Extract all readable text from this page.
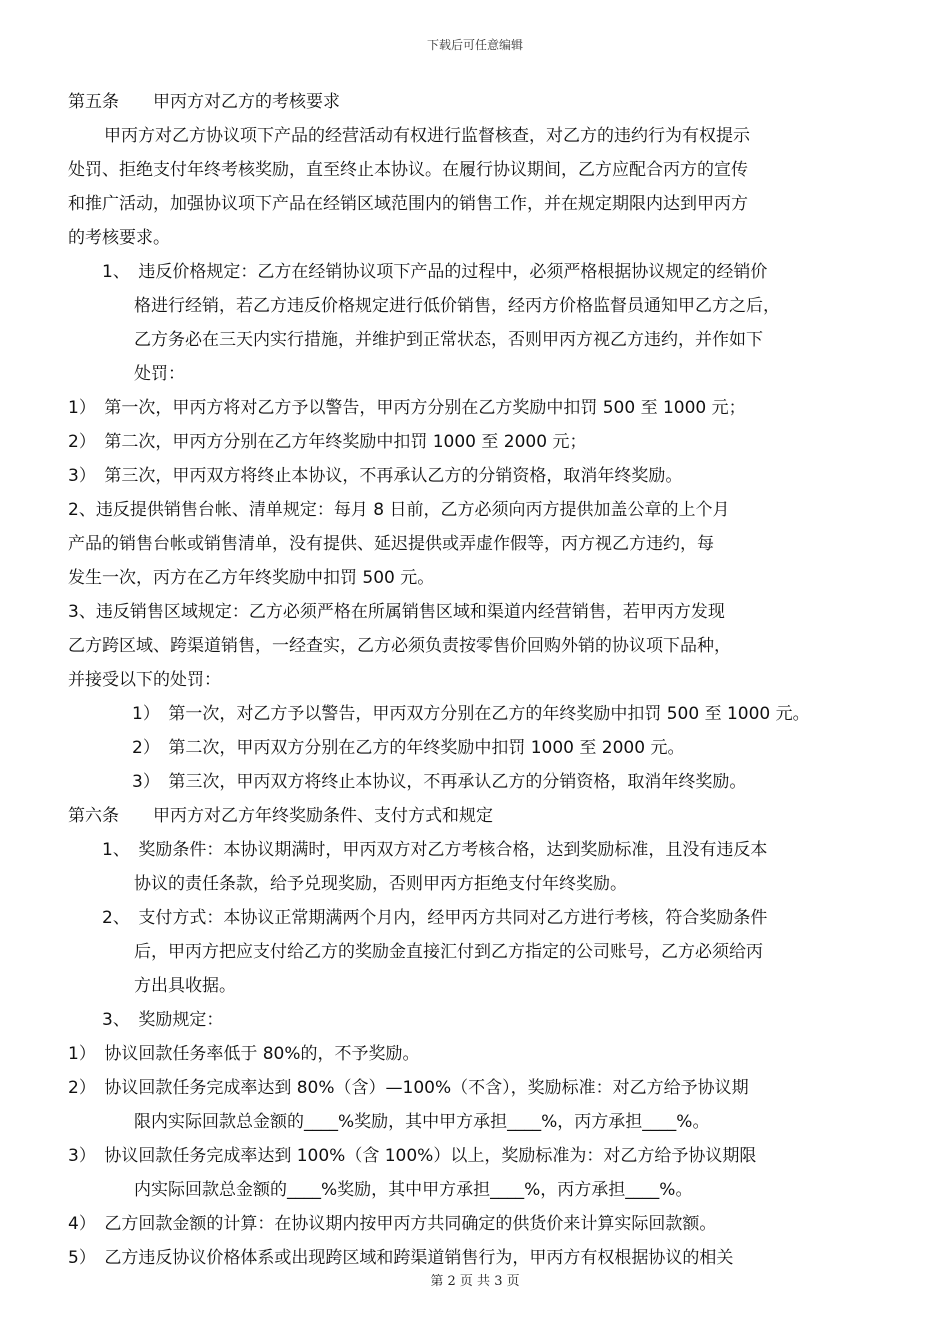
下载后可任意编辑
第五条　　甲丙方对乙方的考核要求
甲丙方对乙方协议项下产品的经营活动有权进行监督核查，对乙方的违约行为有权提示
处罚、拒绝支付年终考核奖励，直至终止本协议。在履行协议期间，乙方应配合丙方的宣传
和推广活动，加强协议项下产品在经销区域范围内的销售工作，并在规定期限内达到甲丙方
的考核要求。
1、　违反价格规定：乙方在经销协议项下产品的过程中，必须严格根据协议规定的经销价
格进行经销，若乙方违反价格规定进行低价销售，经丙方价格监督员通知甲乙方之后，
乙方务必在三天内实行措施，并维护到正常状态，否则甲丙方视乙方违约，并作如下
处罚：
1）　第一次，甲丙方将对乙方予以警告，甲丙方分别在乙方奖励中扣罚 500 至 1000 元；
2）　第二次，甲丙方分别在乙方年终奖励中扣罚 1000 至 2000 元；
3）　第三次，甲丙双方将终止本协议，不再承认乙方的分销资格，取消年终奖励。
2、违反提供销售台帐、清单规定：每月 8 日前，乙方必须向丙方提供加盖公章的上个月
产品的销售台帐或销售清单，没有提供、延迟提供或弄虚作假等，丙方视乙方违约，每
发生一次，丙方在乙方年终奖励中扣罚 500 元。
3、违反销售区域规定：乙方必须严格在所属销售区域和渠道内经营销售，若甲丙方发现
乙方跨区域、跨渠道销售，一经查实，乙方必须负责按零售价回购外销的协议项下品种，
并接受以下的处罚：
1）　第一次，对乙方予以警告，甲丙双方分别在乙方的年终奖励中扣罚 500 至 1000 元。
2）　第二次，甲丙双方分别在乙方的年终奖励中扣罚 1000 至 2000 元。
3）　第三次，甲丙双方将终止本协议，不再承认乙方的分销资格，取消年终奖励。
第六条　　甲丙方对乙方年终奖励条件、支付方式和规定
1、　奖励条件：本协议期满时，甲丙双方对乙方考核合格，达到奖励标准，且没有违反本
协议的责任条款，给予兑现奖励，否则甲丙方拒绝支付年终奖励。
2、　支付方式：本协议正常期满两个月内，经甲丙方共同对乙方进行考核，符合奖励条件
后，甲丙方把应支付给乙方的奖励金直接汇付到乙方指定的公司账号，乙方必须给丙
方出具收据。
3、　奖励规定：
1）　协议回款任务率低于 80%的，不予奖励。
2）　协议回款任务完成率达到 80%（含）—100%（不含），奖励标准：对乙方给予协议期
限内实际回款总金额的____%奖励，其中甲方承担____%，丙方承担____%。
3）　协议回款任务完成率达到 100%（含 100%）以上，奖励标准为：对乙方给予协议期限
内实际回款总金额的____%奖励，其中甲方承担____%，丙方承担____%。
4）　乙方回款金额的计算：在协议期内按甲丙方共同确定的供货价来计算实际回款额。
5）　乙方违反协议价格体系或出现跨区域和跨渠道销售行为，甲丙方有权根据协议的相关
第 2 页 共 3 页
